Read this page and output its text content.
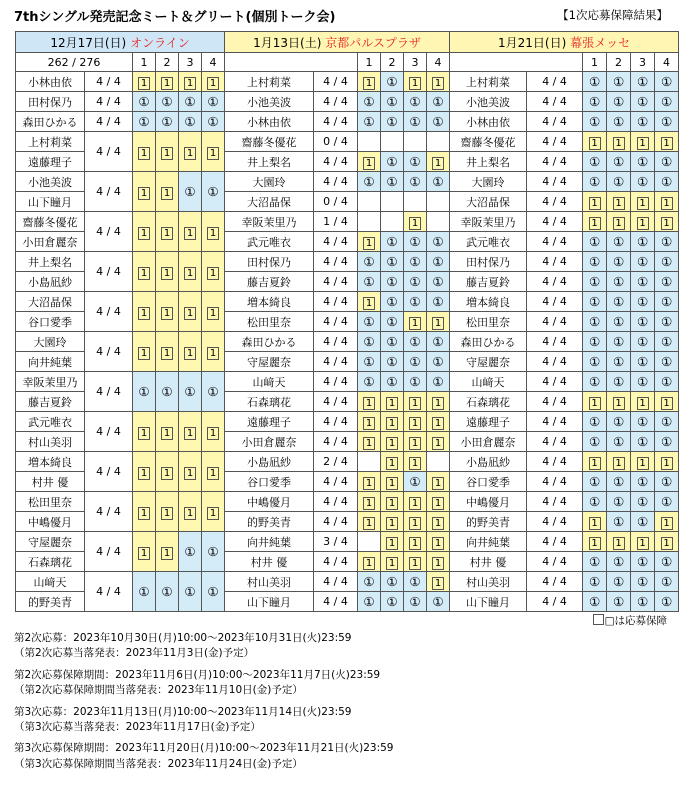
7thシングル発売記念ミート＆グリート(個別トーク会)	【1次応募保障結果】
12月17日(日) オンライン						1月13日(土) 京都パルスプラザ						1月21日(日) 幕張メッセ					
262 / 276		1	2	3	4			1	2	3	4			1	2	3	4
小林由依	4 / 4	1	1	1	1	上村莉菜	4 / 4	1	①	1	1	上村莉菜	4 / 4	①	①	①	①
田村保乃	4 / 4	①	①	①	①	小池美波	4 / 4	①	①	①	①	小池美波	4 / 4	①	①	①	①
森田ひかる	4 / 4	①	①	①	①	小林由依	4 / 4	①	①	①	①	小林由依	4 / 4	①	①	①	①
上村莉菜	4 / 4	1	1	1	1	齋藤冬優花	0 / 4					齋藤冬優花	4 / 4	1	1	1	1
遠藤理子						井上梨名	4 / 4	1	①	①	1	井上梨名	4 / 4	①	①	①	①
小池美波	4 / 4	1	1	①	①	大園玲	4 / 4	①	①	①	①	大園玲	4 / 4	①	①	①	①
山下瞳月						大沼晶保	0 / 4					大沼晶保	4 / 4	1	1	1	1
齋藤冬優花	4 / 4	1	1	1	1	幸阪茉里乃	1 / 4			1		幸阪茉里乃	4 / 4	1	1	1	1
小田倉麗奈						武元唯衣	4 / 4	1	①	①	①	武元唯衣	4 / 4	①	①	①	①
井上梨名	4 / 4	1	1	1	1	田村保乃	4 / 4	①	①	①	①	田村保乃	4 / 4	①	①	①	①
小島凪紗						藤吉夏鈴	4 / 4	①	①	①	①	藤吉夏鈴	4 / 4	①	①	①	①
大沼晶保	4 / 4	1	1	1	1	増本綺良	4 / 4	1	①	①	①	増本綺良	4 / 4	①	①	①	①
谷口愛季						松田里奈	4 / 4	①	①	1	1	松田里奈	4 / 4	①	①	①	①
大園玲	4 / 4	1	1	1	1	森田ひかる	4 / 4	①	①	①	①	森田ひかる	4 / 4	①	①	①	①
向井純葉						守屋麗奈	4 / 4	①	①	①	①	守屋麗奈	4 / 4	①	①	①	①
幸阪茉里乃	4 / 4	①	①	①	①	山﨑天	4 / 4	①	①	①	①	山﨑天	4 / 4	①	①	①	①
藤吉夏鈴						石森璃花	4 / 4	1	1	1	1	石森璃花	4 / 4	1	1	1	1
武元唯衣	4 / 4	1	1	1	1	遠藤理子	4 / 4	1	1	1	1	遠藤理子	4 / 4	①	①	①	①
村山美羽						小田倉麗奈	4 / 4	1	1	1	1	小田倉麗奈	4 / 4	①	①	①	①
増本綺良	4 / 4	1	1	1	1	小島凪紗	2 / 4		1	1		小島凪紗	4 / 4	1	1	1	1
村井 優						谷口愛季	4 / 4	1	1	①	1	谷口愛季	4 / 4	①	①	①	①
松田里奈	4 / 4	1	1	1	1	中嶋優月	4 / 4	1	1	1	1	中嶋優月	4 / 4	①	①	①	①
中嶋優月						的野美青	4 / 4	1	1	1	1	的野美青	4 / 4	1	①	①	1
守屋麗奈	4 / 4	1	1	①	①	向井純葉	3 / 4		1	1	1	向井純葉	4 / 4	1	1	1	1
石森璃花						村井 優	4 / 4	1	1	1	1	村井 優	4 / 4	①	①	①	①
山﨑天	4 / 4	①	①	①	①	村山美羽	4 / 4	①	①	①	1	村山美羽	4 / 4	①	①	①	①
的野美青						山下瞳月	4 / 4	①	①	①	①	山下瞳月	4 / 4	①	①	①	①
□は応募保障
第2次応募：2023年10月30日(月)10:00〜2023年10月31日(火)23:59
（第2次応募当落発表：2023年11月3日(金)予定）
第2次応募保障期間：2023年11月6日(月)10:00〜2023年11月7日(火)23:59
（第2次応募保障期間当落発表：2023年11月10日(金)予定）
第3次応募：2023年11月13日(月)10:00〜2023年11月14日(火)23:59
（第3次応募当落発表：2023年11月17日(金)予定）
第3次応募保障期間：2023年11月20日(月)10:00〜2023年11月21日(火)23:59
（第3次応募保障期間当落発表：2023年11月24日(金)予定）
